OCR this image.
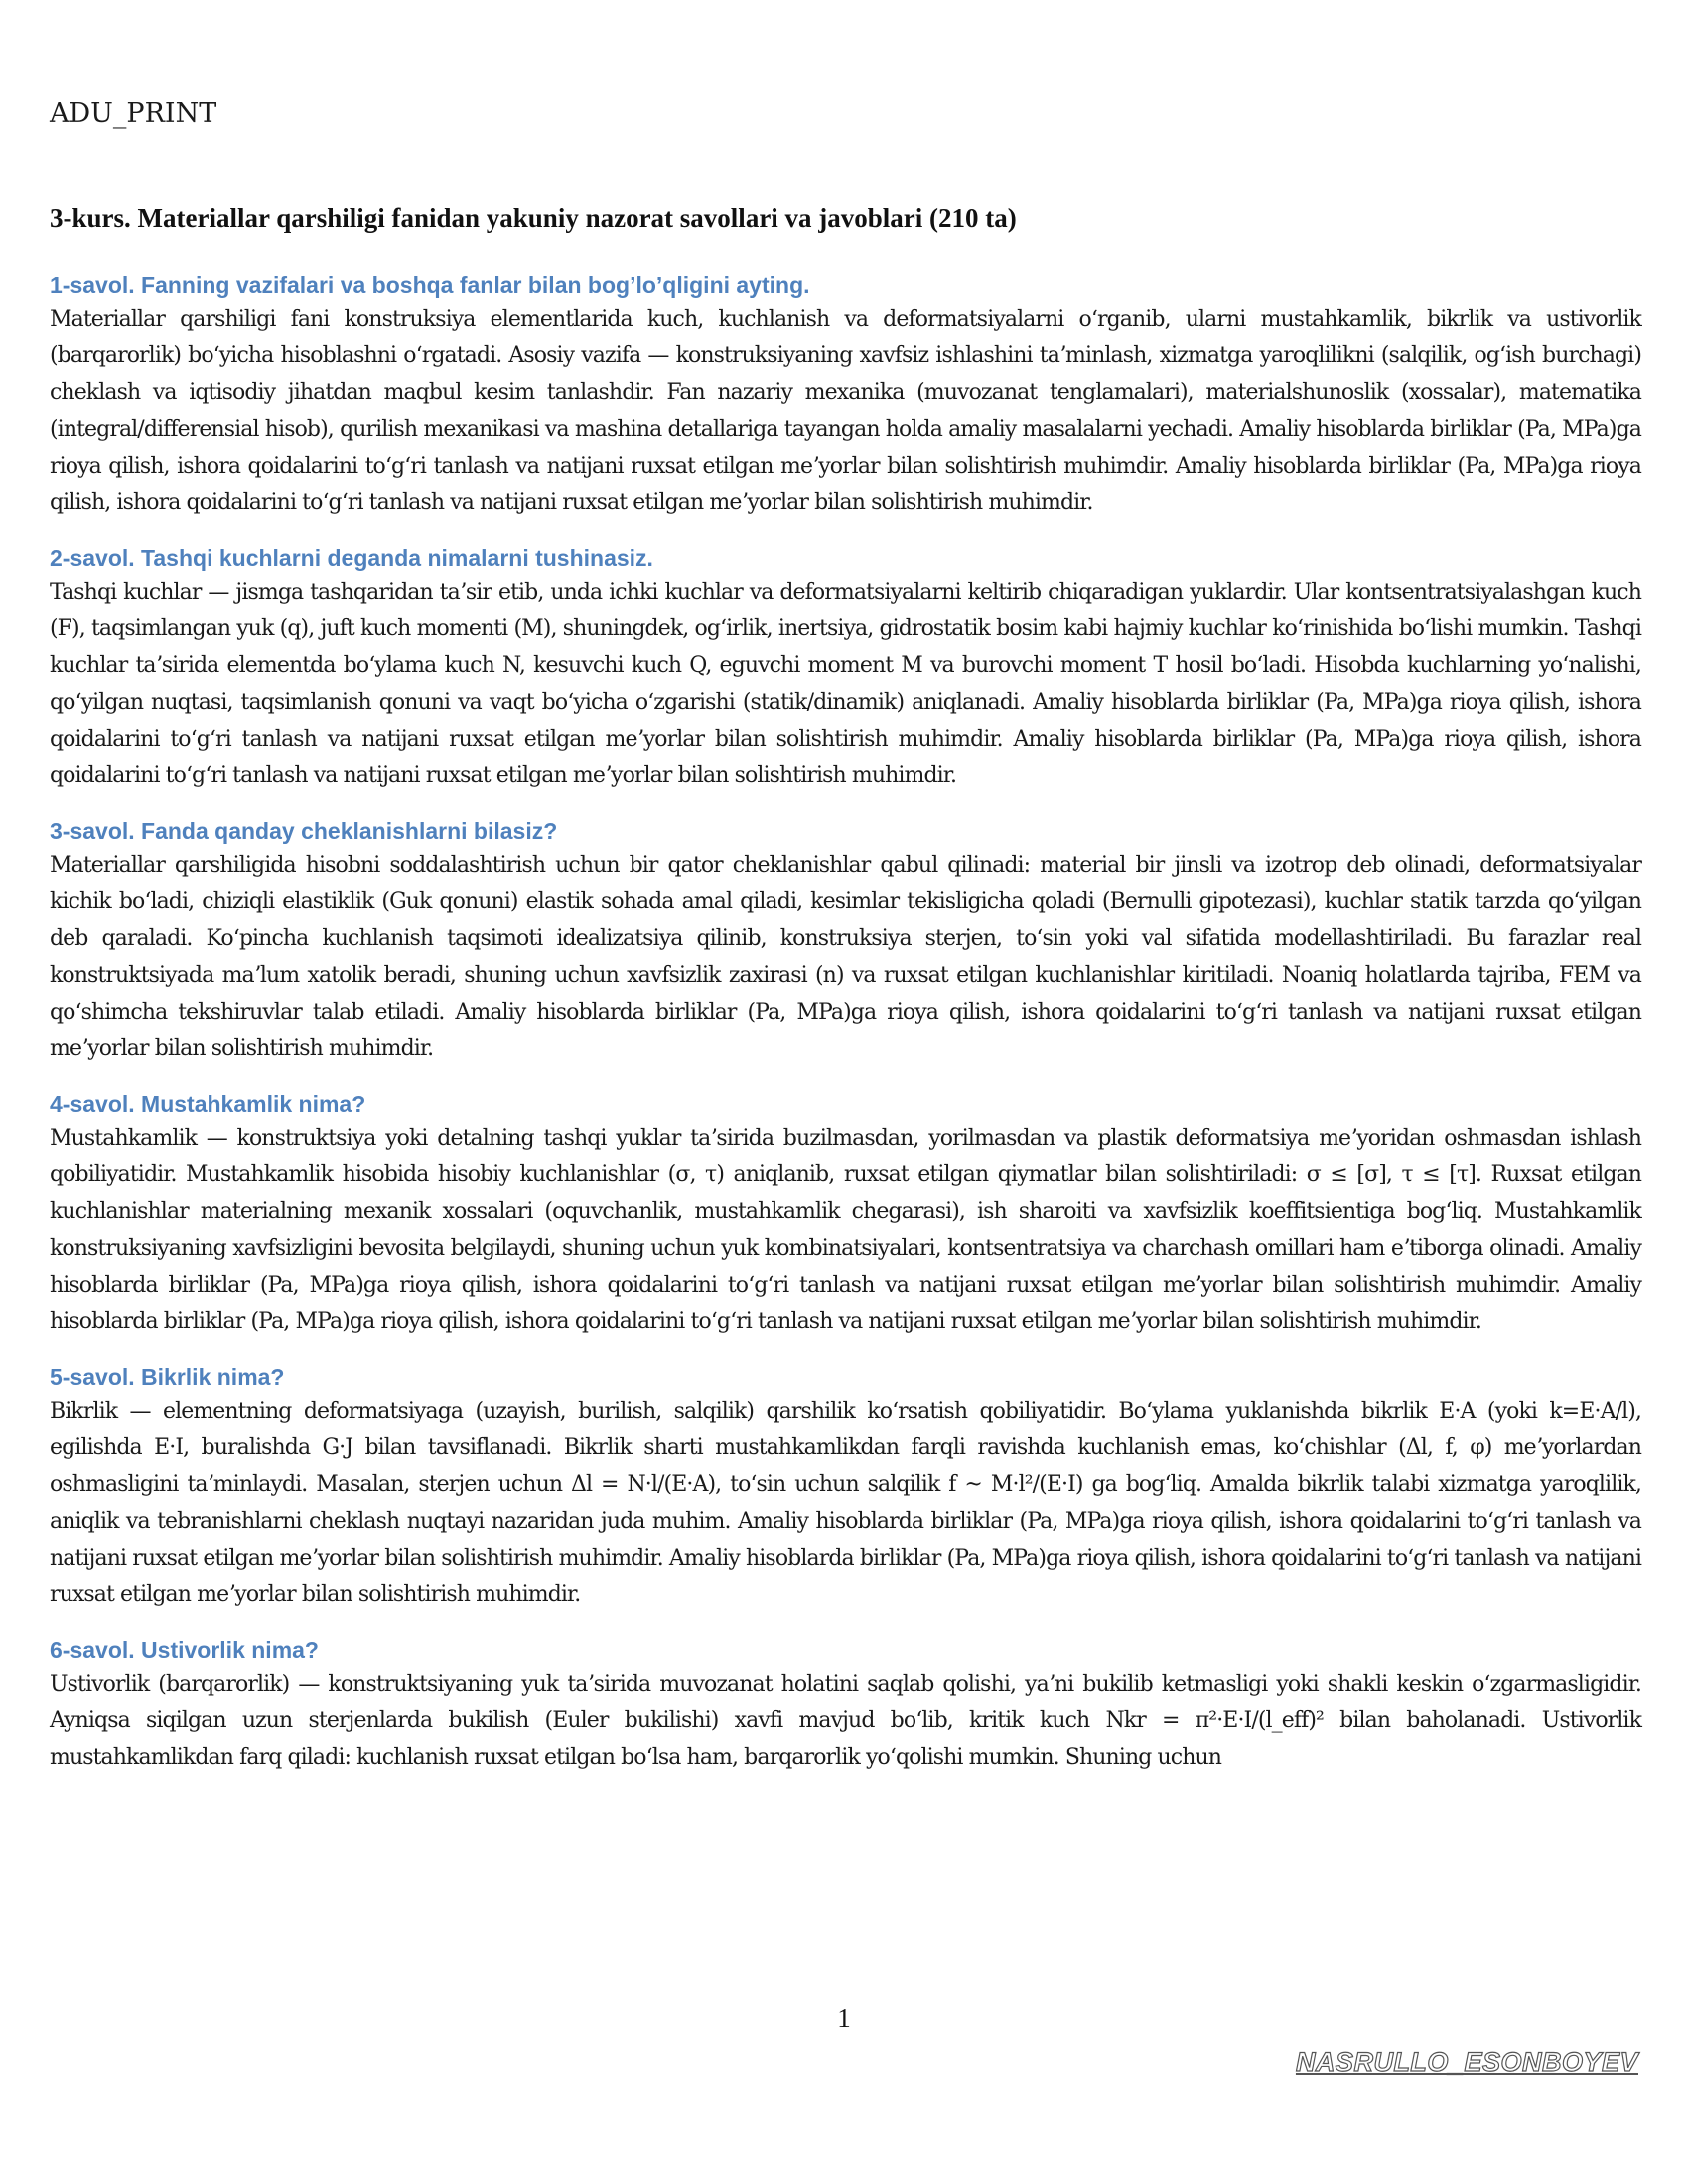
ADU_PRINT
3-kurs. Materiallar qarshiligi fanidan yakuniy nazorat savollari va javoblari (210 ta)

1-savol. Fanning vazifalari va boshqa fanlar bilan bog’lo’qligini ayting.

Materiallar qarshiligi fani konstruksiya elementlarida kuch, kuchlanish va deformatsiyalarni oʻrganib, ularni mustahkamlik, bikrlik va ustivorlik (barqarorlik) boʻyicha hisoblashni oʻrgatadi. Asosiy vazifa — konstruksiyaning xavfsiz ishlashini taʼminlash, xizmatga yaroqlilikni (salqilik, ogʻish burchagi) cheklash va iqtisodiy jihatdan maqbul kesim tanlashdir. Fan nazariy mexanika (muvozanat tenglamalari), materialshunoslik (xossalar), matematika (integral/differensial hisob), qurilish mexanikasi va mashina detallariga tayangan holda amaliy masalalarni yechadi. Amaliy hisoblarda birliklar (Pa, MPa)ga rioya qilish, ishora qoidalarini toʻgʻri tanlash va natijani ruxsat etilgan meʼyorlar bilan solishtirish muhimdir. Amaliy hisoblarda birliklar (Pa, MPa)ga rioya qilish, ishora qoidalarini toʻgʻri tanlash va natijani ruxsat etilgan meʼyorlar bilan solishtirish muhimdir.

2-savol. Tashqi kuchlarni deganda nimalarni tushinasiz.

Tashqi kuchlar — jismga tashqaridan taʼsir etib, unda ichki kuchlar va deformatsiyalarni keltirib chiqaradigan yuklardir. Ular kontsentratsiyalashgan kuch (F), taqsimlangan yuk (q), juft kuch momenti (M), shuningdek, ogʻirlik, inertsiya, gidrostatik bosim kabi hajmiy kuchlar koʻrinishida boʻlishi mumkin. Tashqi kuchlar taʼsirida elementda boʻylama kuch N, kesuvchi kuch Q, eguvchi moment M va burovchi moment T hosil boʻladi. Hisobda kuchlarning yoʻnalishi, qoʻyilgan nuqtasi, taqsimlanish qonuni va vaqt boʻyicha oʻzgarishi (statik/dinamik) aniqlanadi. Amaliy hisoblarda birliklar (Pa, MPa)ga rioya qilish, ishora qoidalarini toʻgʻri tanlash va natijani ruxsat etilgan meʼyorlar bilan solishtirish muhimdir. Amaliy hisoblarda birliklar (Pa, MPa)ga rioya qilish, ishora qoidalarini toʻgʻri tanlash va natijani ruxsat etilgan meʼyorlar bilan solishtirish muhimdir.

3-savol. Fanda qanday cheklanishlarni bilasiz?

Materiallar qarshiligida hisobni soddalashtirish uchun bir qator cheklanishlar qabul qilinadi: material bir jinsli va izotrop deb olinadi, deformatsiyalar kichik boʻladi, chiziqli elastiklik (Guk qonuni) elastik sohada amal qiladi, kesimlar tekisligicha qoladi (Bernulli gipotezasi), kuchlar statik tarzda qoʻyilgan deb qaraladi. Koʻpincha kuchlanish taqsimoti idealizatsiya qilinib, konstruksiya sterjen, toʻsin yoki val sifatida modellashtiriladi. Bu farazlar real konstruktsiyada maʼlum xatolik beradi, shuning uchun xavfsizlik zaxirasi (n) va ruxsat etilgan kuchlanishlar kiritiladi. Noaniq holatlarda tajriba, FEM va qoʻshimcha tekshiruvlar talab etiladi. Amaliy hisoblarda birliklar (Pa, MPa)ga rioya qilish, ishora qoidalarini toʻgʻri tanlash va natijani ruxsat etilgan meʼyorlar bilan solishtirish muhimdir.

4-savol. Mustahkamlik nima?

Mustahkamlik — konstruktsiya yoki detalning tashqi yuklar taʼsirida buzilmasdan, yorilmasdan va plastik deformatsiya meʼyoridan oshmasdan ishlash qobiliyatidir. Mustahkamlik hisobida hisobiy kuchlanishlar (σ, τ) aniqlanib, ruxsat etilgan qiymatlar bilan solishtiriladi: σ ≤ [σ], τ ≤ [τ]. Ruxsat etilgan kuchlanishlar materialning mexanik xossalari (oquvchanlik, mustahkamlik chegarasi), ish sharoiti va xavfsizlik koeffitsientiga bogʻliq. Mustahkamlik konstruksiyaning xavfsizligini bevosita belgilaydi, shuning uchun yuk kombinatsiyalari, kontsentratsiya va charchash omillari ham eʼtiborga olinadi. Amaliy hisoblarda birliklar (Pa, MPa)ga rioya qilish, ishora qoidalarini toʻgʻri tanlash va natijani ruxsat etilgan meʼyorlar bilan solishtirish muhimdir. Amaliy hisoblarda birliklar (Pa, MPa)ga rioya qilish, ishora qoidalarini toʻgʻri tanlash va natijani ruxsat etilgan meʼyorlar bilan solishtirish muhimdir.

5-savol. Bikrlik nima?

Bikrlik — elementning deformatsiyaga (uzayish, burilish, salqilik) qarshilik koʻrsatish qobiliyatidir. Boʻylama yuklanishda bikrlik E·A (yoki k=E·A/l), egilishda E·I, buralishda G·J bilan tavsiflanadi. Bikrlik sharti mustahkamlikdan farqli ravishda kuchlanish emas, koʻchishlar (Δl, f, φ) meʼyorlardan oshmasligini taʼminlaydi. Masalan, sterjen uchun Δl = N·l/(E·A), toʻsin uchun salqilik f ~ M·l²/(E·I) ga bogʻliq. Amalda bikrlik talabi xizmatga yaroqlilik, aniqlik va tebranishlarni cheklash nuqtayi nazaridan juda muhim. Amaliy hisoblarda birliklar (Pa, MPa)ga rioya qilish, ishora qoidalarini toʻgʻri tanlash va natijani ruxsat etilgan meʼyorlar bilan solishtirish muhimdir. Amaliy hisoblarda birliklar (Pa, MPa)ga rioya qilish, ishora qoidalarini toʻgʻri tanlash va natijani ruxsat etilgan meʼyorlar bilan solishtirish muhimdir.

6-savol. Ustivorlik nima?

Ustivorlik (barqarorlik) — konstruktsiyaning yuk taʼsirida muvozanat holatini saqlab qolishi, yaʼni bukilib ketmasligi yoki shakli keskin oʻzgarmasligidir. Ayniqsa siqilgan uzun sterjenlarda bukilish (Euler bukilishi) xavfi mavjud boʻlib, kritik kuch Nkr = π²·E·I/(l_eff)² bilan baholanadi. Ustivorlik mustahkamlikdan farq qiladi: kuchlanish ruxsat etilgan boʻlsa ham, barqarorlik yoʻqolishi mumkin. Shuning uchun

1
NASRULLO_ESONBOYEV
